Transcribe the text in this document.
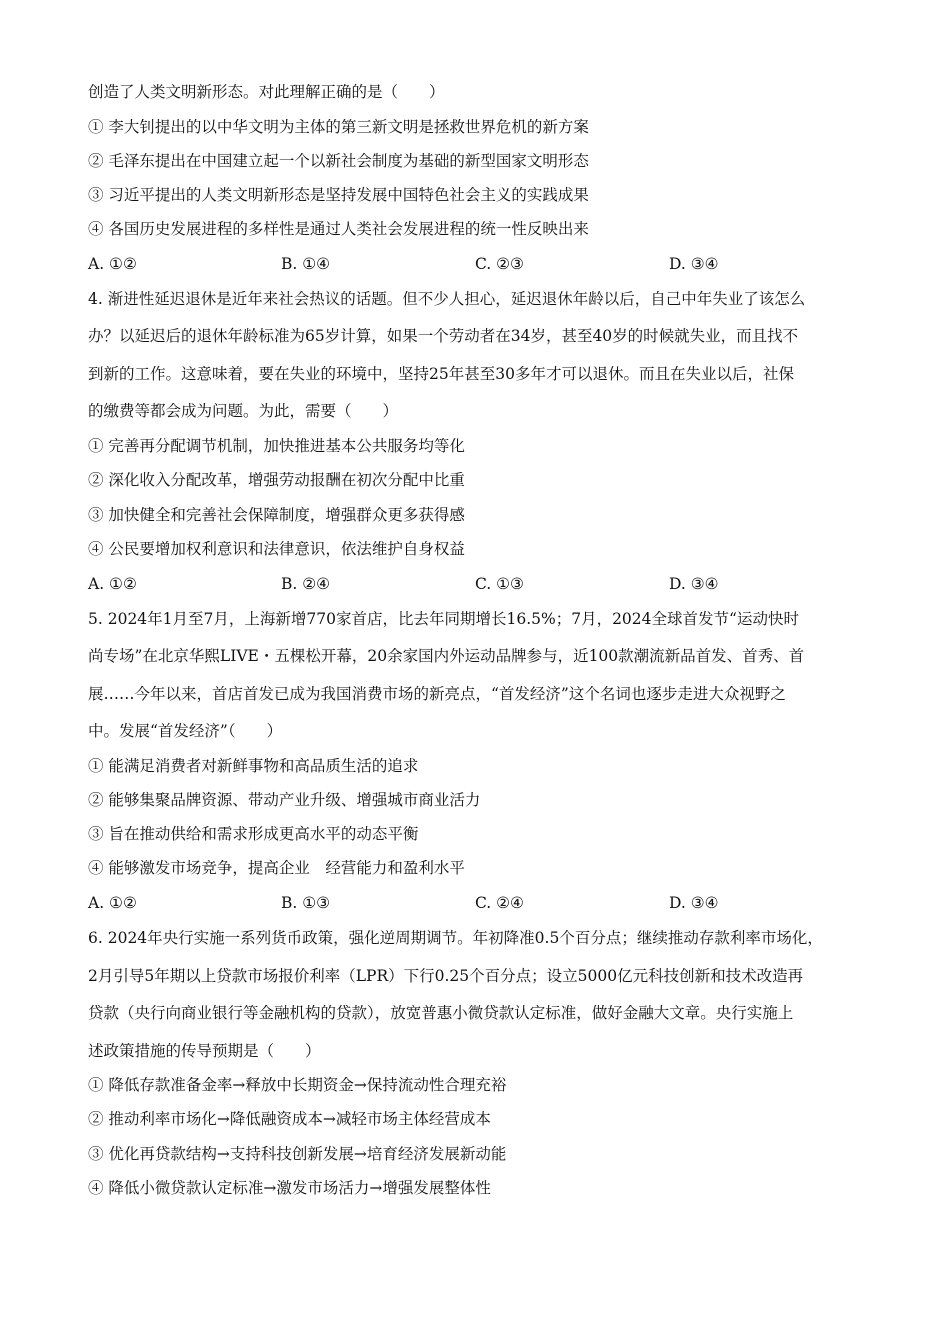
创造了人类文明新形态。对此理解正确的是（　　）
① 李大钊提出的以中华文明为主体的第三新文明是拯救世界危机的新方案
② 毛泽东提出在中国建立起一个以新社会制度为基础的新型国家文明形态
③ 习近平提出的人类文明新形态是坚持发展中国特色社会主义的实践成果
④ 各国历史发展进程的多样性是通过人类社会发展进程的统一性反映出来
A. ①②	B. ①④	C. ②③	D. ③④
4. 渐进性延迟退休是近年来社会热议的话题。但不少人担心，延迟退休年龄以后，自己中年失业了该怎么
办？以延迟后的退休年龄标准为65岁计算，如果一个劳动者在34岁，甚至40岁的时候就失业，而且找不
到新的工作。这意味着，要在失业的环境中，坚持25年甚至30多年才可以退休。而且在失业以后，社保
的缴费等都会成为问题。为此，需要（　　）
① 完善再分配调节机制，加快推进基本公共服务均等化
② 深化收入分配改革，增强劳动报酬在初次分配中比重
③ 加快健全和完善社会保障制度，增强群众更多获得感
④ 公民要增加权利意识和法律意识，依法维护自身权益
A. ①②	B. ②④	C. ①③	D. ③④
5. 2024年1月至7月，上海新增770家首店，比去年同期增长16.5%；7月，2024全球首发节“运动快时
尚专场”在北京华熙LIVE・五棵松开幕，20余家国内外运动品牌参与，近100款潮流新品首发、首秀、首
展……今年以来，首店首发已成为我国消费市场的新亮点，“首发经济”这个名词也逐步走进大众视野之
中。发展“首发经济”（　　）
① 能满足消费者对新鲜事物和高品质生活的追求
② 能够集聚品牌资源、带动产业升级、增强城市商业活力
③ 旨在推动供给和需求形成更高水平的动态平衡
④ 能够激发市场竞争，提高企业　经营能力和盈利水平
A. ①②	B. ①③	C. ②④	D. ③④
6. 2024年央行实施一系列货币政策，强化逆周期调节。年初降准0.5个百分点；继续推动存款利率市场化，
2月引导5年期以上贷款市场报价利率（LPR）下行0.25个百分点；设立5000亿元科技创新和技术改造再
贷款（央行向商业银行等金融机构的贷款），放宽普惠小微贷款认定标准，做好金融大文章。央行实施上
述政策措施的传导预期是（　　）
① 降低存款准备金率→释放中长期资金→保持流动性合理充裕
② 推动利率市场化→降低融资成本→减轻市场主体经营成本
③ 优化再贷款结构→支持科技创新发展→培育经济发展新动能
④ 降低小微贷款认定标准→激发市场活力→增强发展整体性
